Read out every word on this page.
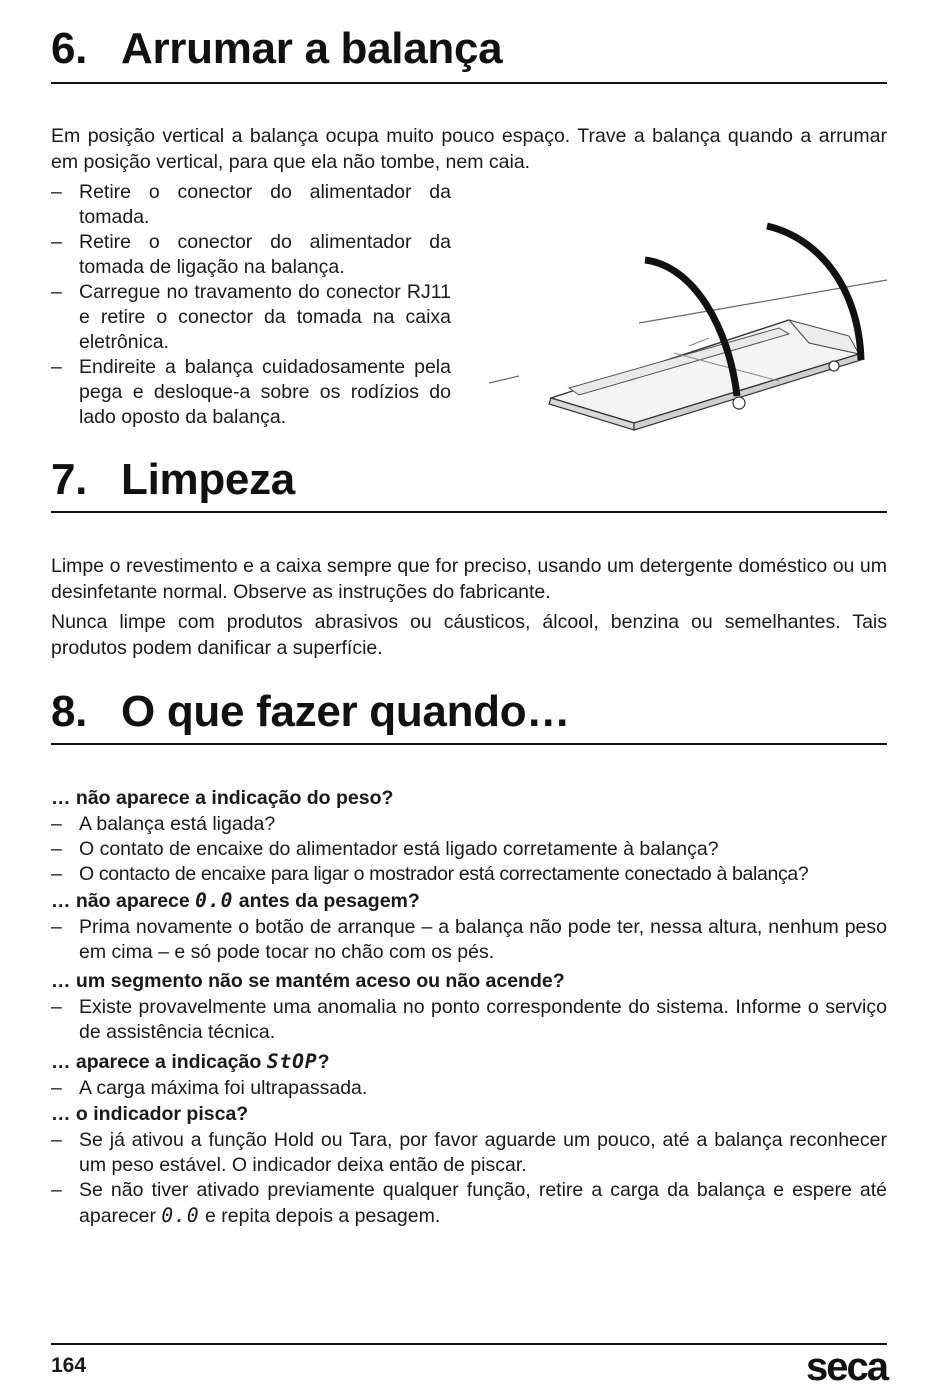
6. Arrumar a balança

Em posição vertical a balança ocupa muito pouco espaço. Trave a balança quando a arrumar em posição vertical, para que ela não tombe, nem caia.

– Retire o conector do alimentador da tomada.
– Retire o conector do alimentador da tomada de ligação na balança.
– Carregue no travamento do conector RJ11 e retire o conector da tomada na caixa eletrônica.
– Endireite a balança cuidadosamente pela pega e desloque-a sobre os rodízios do lado oposto da balança.
7. Limpeza

Limpe o revestimento e a caixa sempre que for preciso, usando um detergente doméstico ou um desinfetante normal. Observe as instruções do fabricante.

Nunca limpe com produtos abrasivos ou cáusticos, álcool, benzina ou semelhantes. Tais produtos podem danificar a superfície.

8. O que fazer quando…

… não aparece a indicação do peso?

– A balança está ligada?
– O contato de encaixe do alimentador está ligado corretamente à balança?
– O contacto de encaixe para ligar o mostrador está correctamente conectado à balança?

… não aparece 0.0 antes da pesagem?

– Prima novamente o botão de arranque – a balança não pode ter, nessa altura, nenhum peso em cima – e só pode tocar no chão com os pés.

… um segmento não se mantém aceso ou não acende?

– Existe provavelmente uma anomalia no ponto correspondente do sistema. Informe o serviço de assistência técnica.

… aparece a indicação StOP?

– A carga máxima foi ultrapassada.

… o indicador pisca?

– Se já ativou a função Hold ou Tara, por favor aguarde um pouco, até a balança reconhecer um peso estável. O indicador deixa então de piscar.
– Se não tiver ativado previamente qualquer função, retire a carga da balança e espere até aparecer 0.0 e repita depois a pesagem.
164	seca
